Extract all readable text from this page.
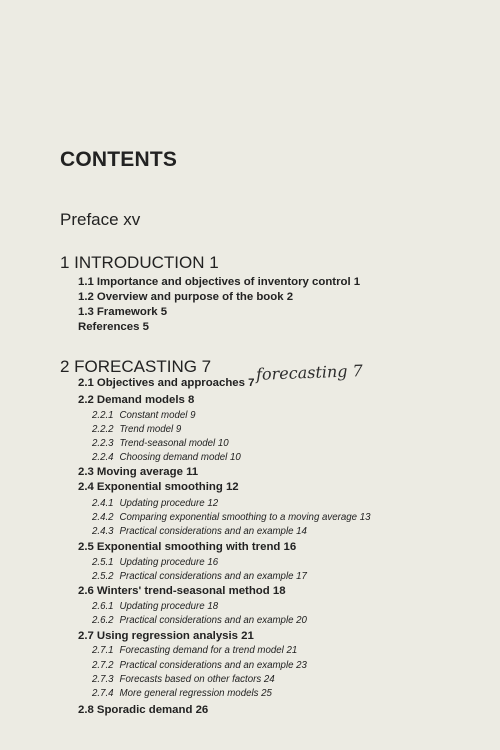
CONTENTS
Preface xv
1 INTRODUCTION 1
1.1 Importance and objectives of inventory control 1
1.2 Overview and purpose of the book 2
1.3 Framework 5
References 5
2 FORECASTING 7	forecasting 7
2.1 Objectives and approaches 7
2.2 Demand models 8
2.2.1 Constant model 9
2.2.2 Trend model 9
2.2.3 Trend-seasonal model 10
2.2.4 Choosing demand model 10
2.3 Moving average 11
2.4 Exponential smoothing 12
2.4.1 Updating procedure 12
2.4.2 Comparing exponential smoothing to a moving average 13
2.4.3 Practical considerations and an example 14
2.5 Exponential smoothing with trend 16
2.5.1 Updating procedure 16
2.5.2 Practical considerations and an example 17
2.6 Winters' trend-seasonal method 18
2.6.1 Updating procedure 18
2.6.2 Practical considerations and an example 20
2.7 Using regression analysis 21
2.7.1 Forecasting demand for a trend model 21
2.7.2 Practical considerations and an example 23
2.7.3 Forecasts based on other factors 24
2.7.4 More general regression models 25
2.8 Sporadic demand 26
